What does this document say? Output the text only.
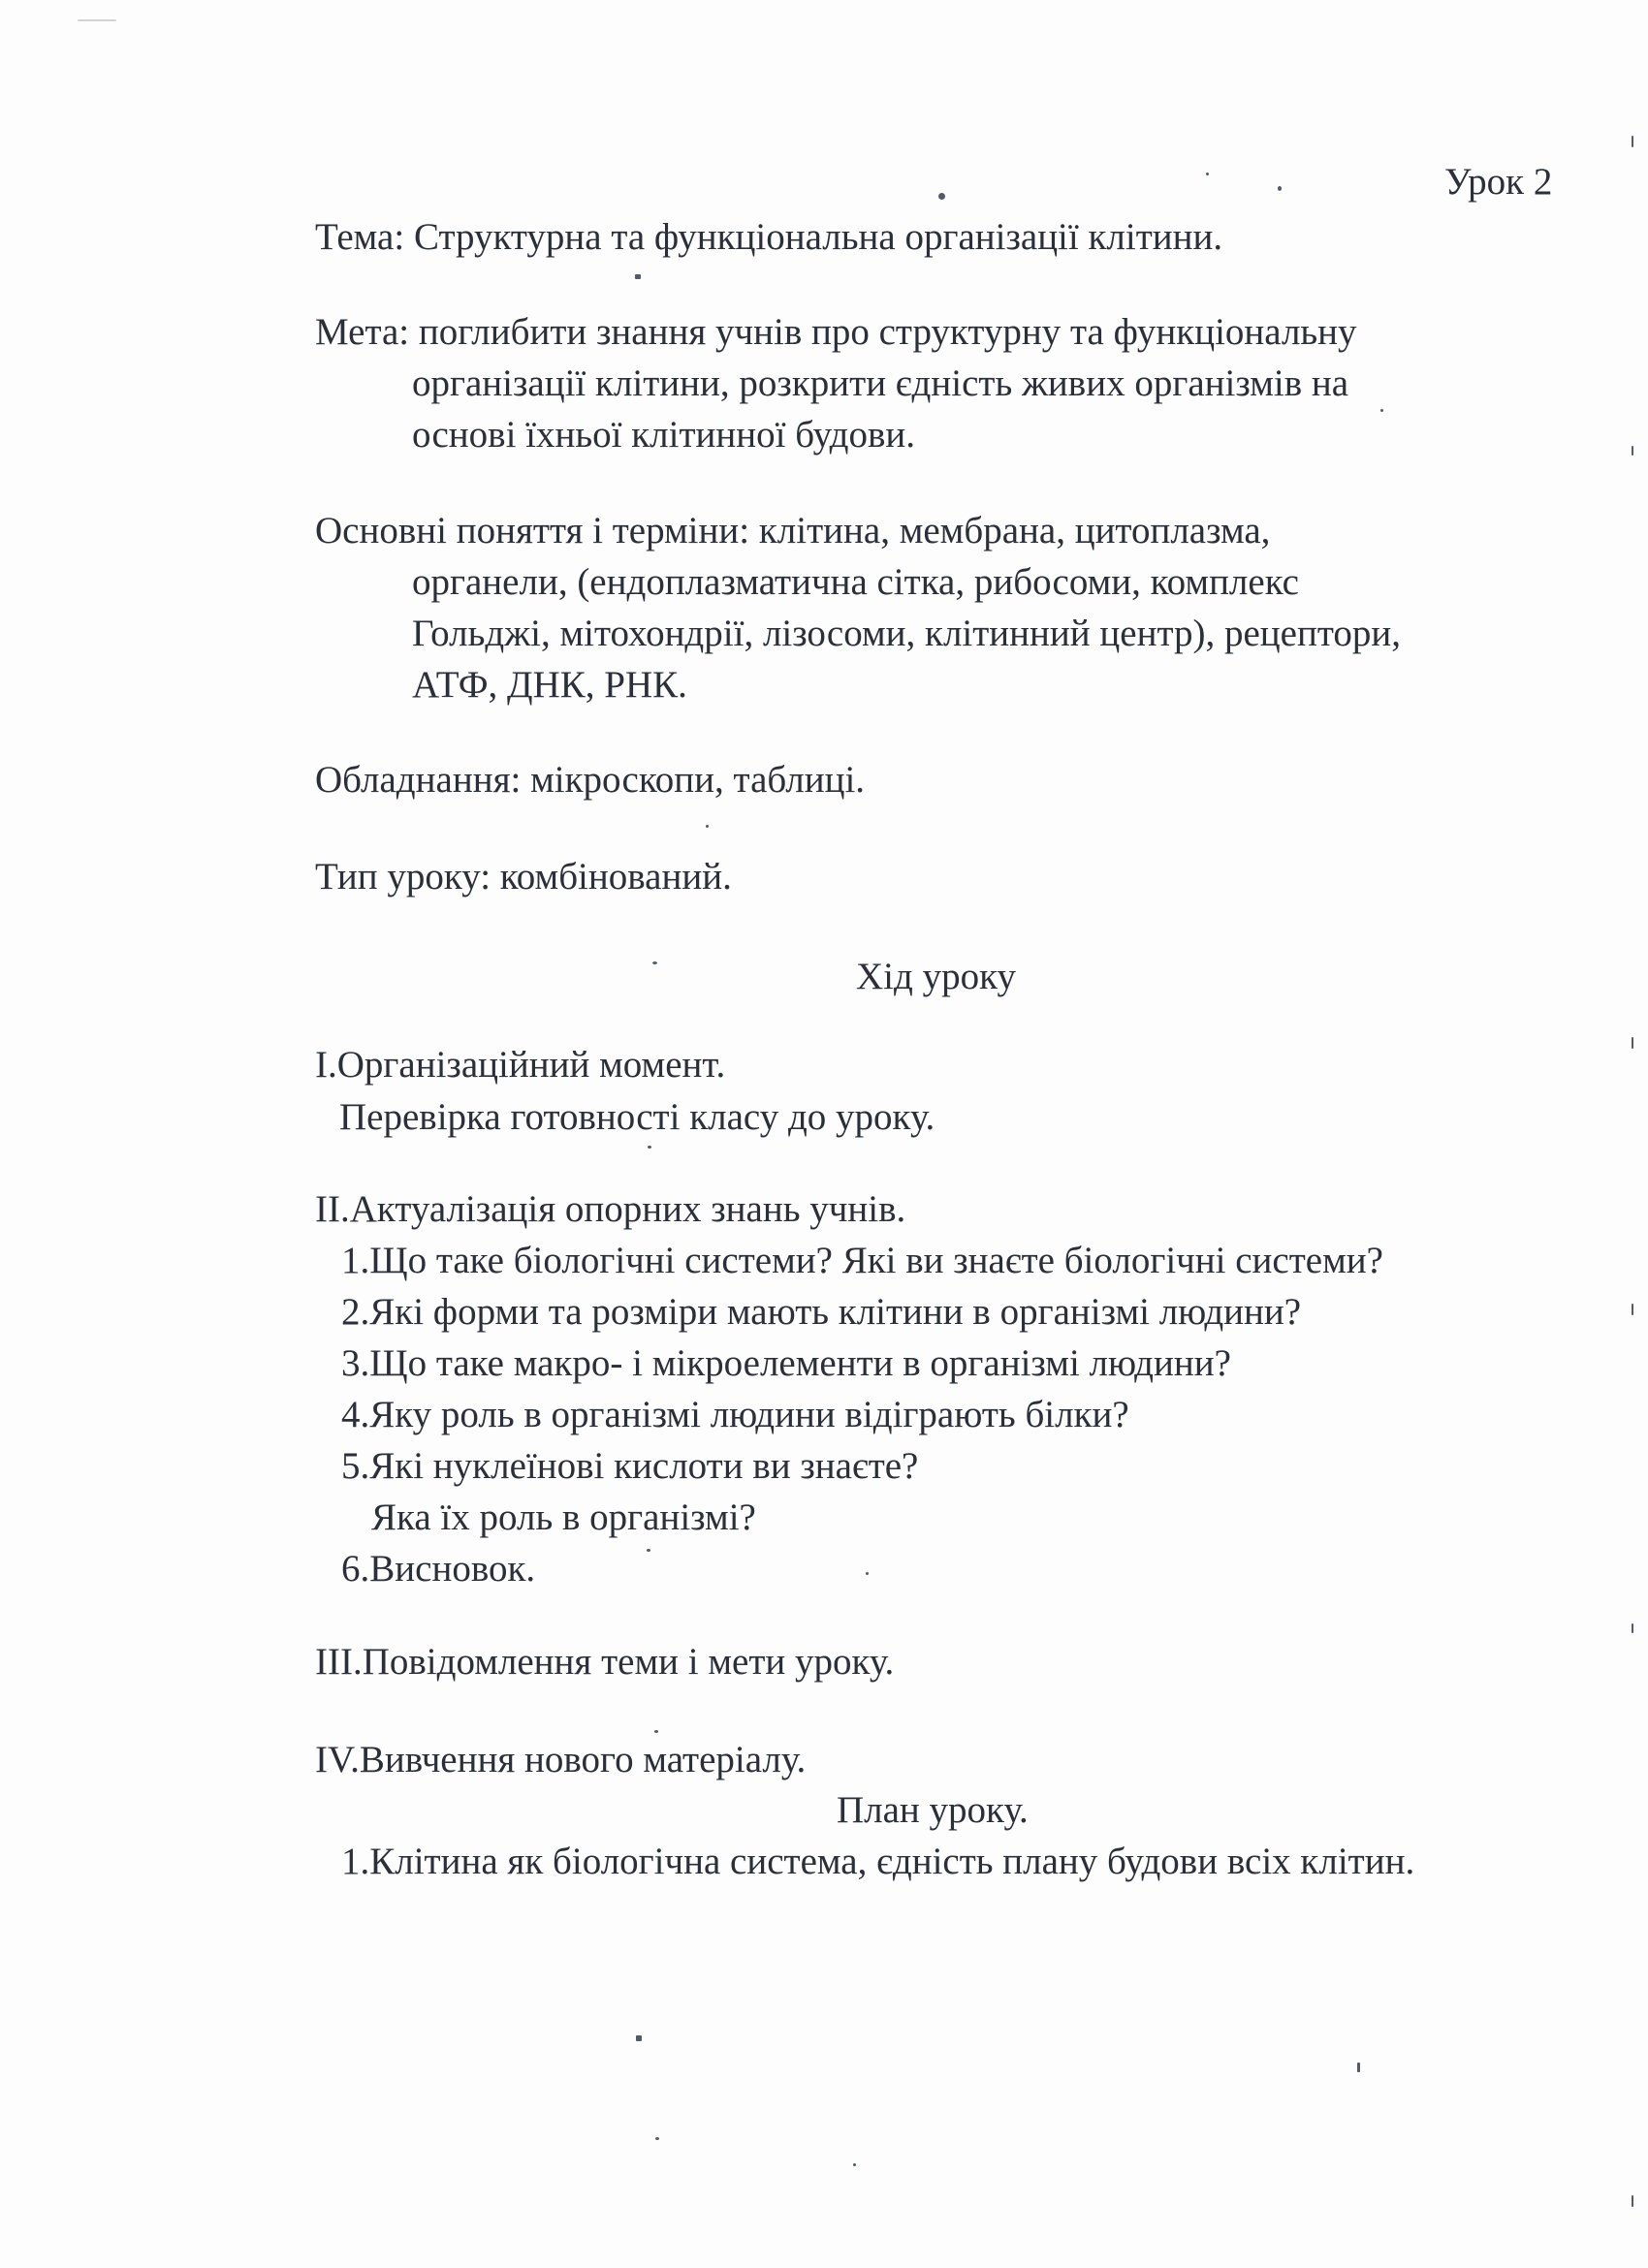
Урок 2
Тема: Структурна та функціональна організації клітини.
Мета: поглибити знання учнів про структурну та функціональну
організації клітини, розкрити єдність живих організмів на
основі їхньої клітинної будови.
Основні поняття і терміни: клітина, мембрана, цитоплазма,
органели, (ендоплазматична сітка, рибосоми, комплекс
Гольджі, мітохондрії, лізосоми, клітинний центр), рецептори,
АТФ, ДНК, РНК.
Обладнання: мікроскопи, таблиці.
Тип уроку: комбінований.
Хід уроку
I.Організаційний момент.
Перевірка готовності класу до уроку.
II.Актуалізація опорних знань учнів.
1.Що таке біологічні системи? Які ви знаєте біологічні системи?
2.Які форми та розміри мають клітини в організмі людини?
3.Що таке макро- і мікроелементи в організмі людини?
4.Яку роль в організмі людини відіграють білки?
5.Які нуклеїнові кислоти ви знаєте?
Яка їх роль в організмі?
6.Висновок.
III.Повідомлення теми і мети уроку.
IV.Вивчення нового матеріалу.
План уроку.
1.Клітина як біологічна система, єдність плану будови всіх клітин.
